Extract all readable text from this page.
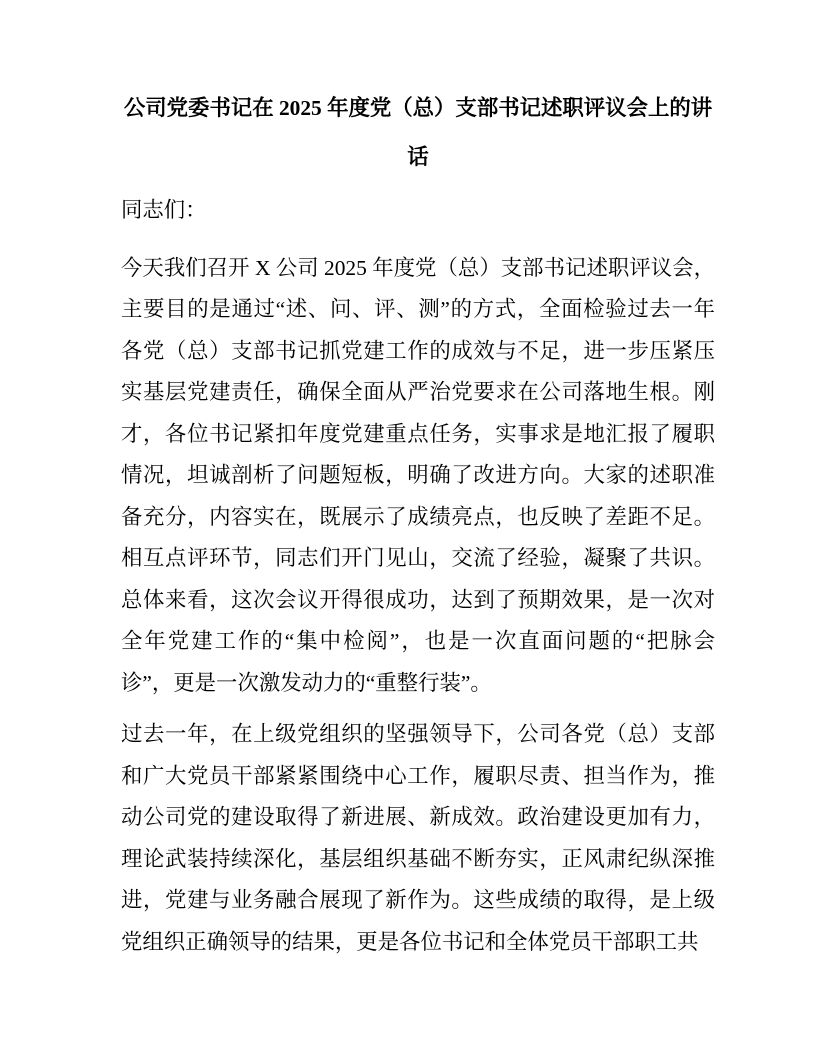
公司党委书记在 2025 年度党（总）支部书记述职评议会上的讲话

同志们：

今天我们召开 X 公司 2025 年度党（总）支部书记述职评议会，主要目的是通过“述、问、评、测”的方式，全面检验过去一年各党（总）支部书记抓党建工作的成效与不足，进一步压紧压实基层党建责任，确保全面从严治党要求在公司落地生根。刚才，各位书记紧扣年度党建重点任务，实事求是地汇报了履职情况，坦诚剖析了问题短板，明确了改进方向。大家的述职准备充分，内容实在，既展示了成绩亮点，也反映了差距不足。相互点评环节，同志们开门见山，交流了经验，凝聚了共识。总体来看，这次会议开得很成功，达到了预期效果，是一次对全年党建工作的“集中检阅”，也是一次直面问题的“把脉会诊”，更是一次激发动力的“重整行装”。

过去一年，在上级党组织的坚强领导下，公司各党（总）支部和广大党员干部紧紧围绕中心工作，履职尽责、担当作为，推动公司党的建设取得了新进展、新成效。政治建设更加有力，理论武装持续深化，基层组织基础不断夯实，正风肃纪纵深推进，党建与业务融合展现了新作为。这些成绩的取得，是上级党组织正确领导的结果，更是各位书记和全体党员干部职工共
